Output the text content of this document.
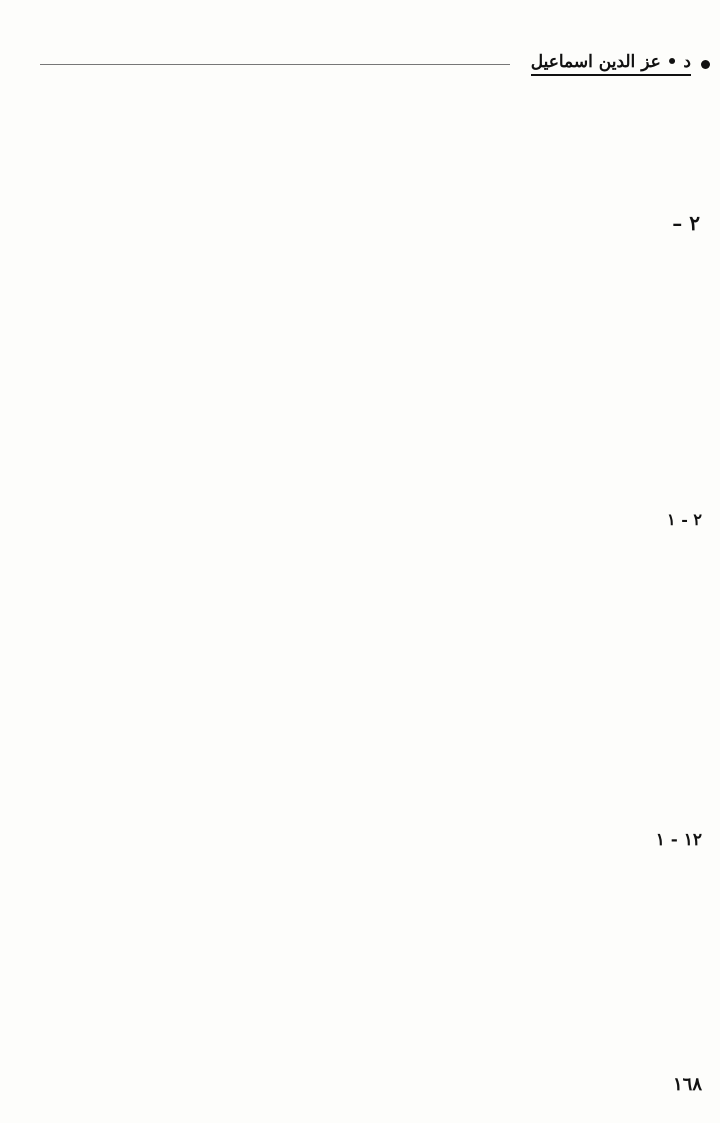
د • عز الدين اسماعيل
٢ –
٢ - ١
١٢ - ١
١٦٨
